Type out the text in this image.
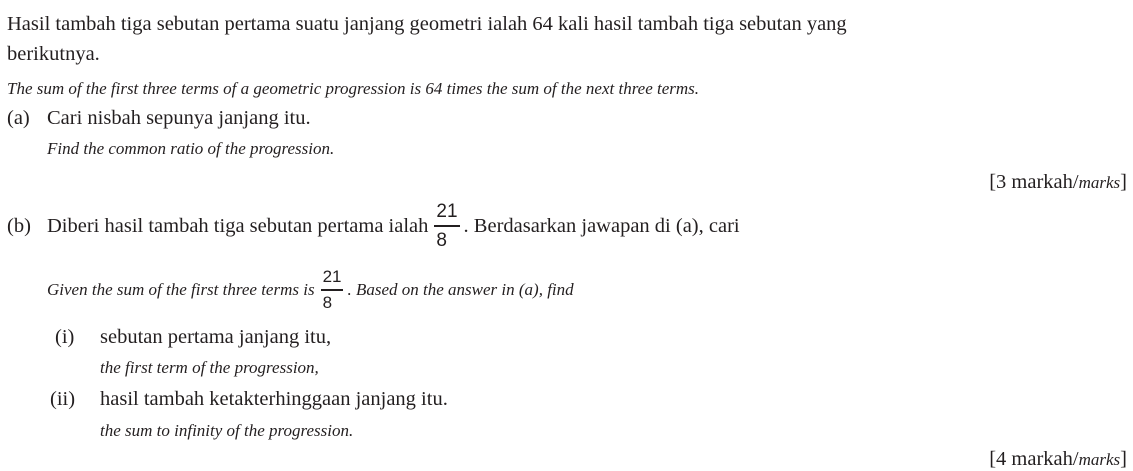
Hasil tambah tiga sebutan pertama suatu janjang geometri ialah 64 kali hasil tambah tiga sebutan yang
berikutnya.
The sum of the first three terms of a geometric progression is 64 times the sum of the next three terms.
(a) Cari nisbah sepunya janjang itu.
Find the common ratio of the progression.
[3 markah/marks]
(b) Diberi hasil tambah tiga sebutan pertama ialah $\frac{21}{8}$ . Berdasarkan jawapan di (a), cari
Given the sum of the first three terms is $\frac{21}{8}$ . Based on the answer in (a), find
(i) sebutan pertama janjang itu,
the first term of the progression,
(ii) hasil tambah ketakterhinggaan janjang itu.
the sum to infinity of the progression.
[4 markah/marks]
